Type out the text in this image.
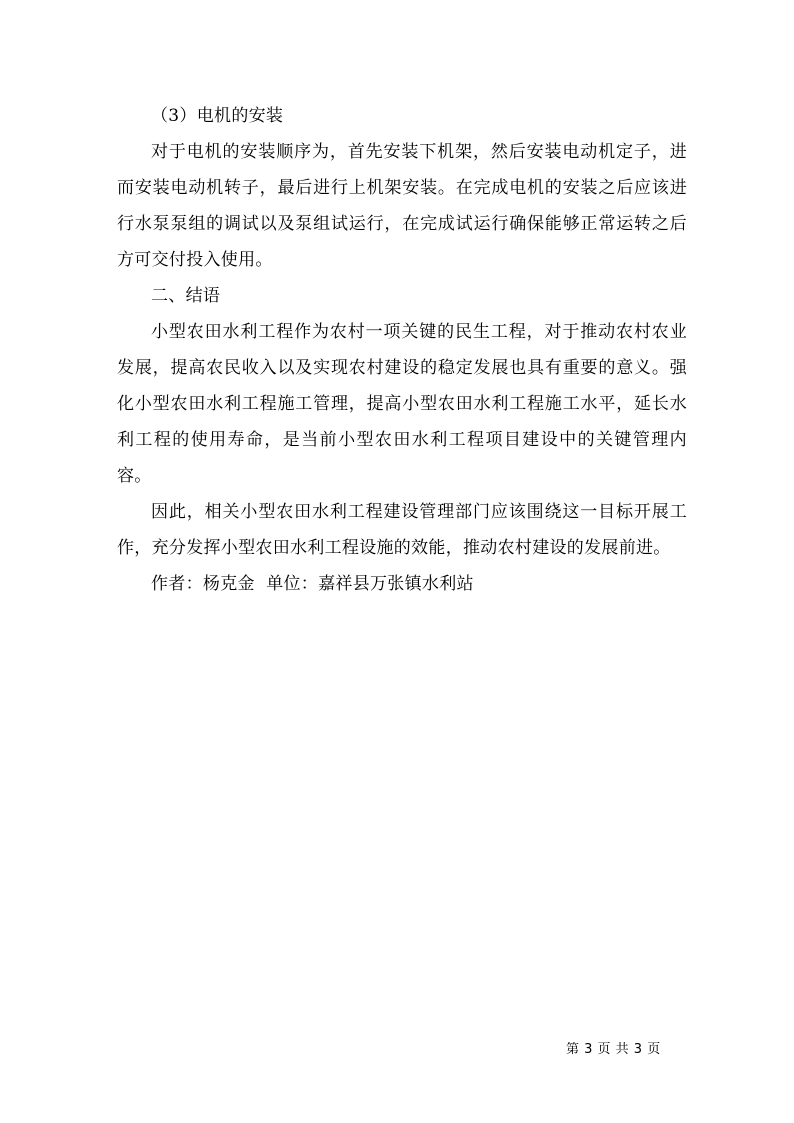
（3）电机的安装

对于电机的安装顺序为，首先安装下机架，然后安装电动机定子，进而安装电动机转子，最后进行上机架安装。在完成电机的安装之后应该进行水泵泵组的调试以及泵组试运行，在完成试运行确保能够正常运转之后方可交付投入使用。

二、结语

小型农田水利工程作为农村一项关键的民生工程，对于推动农村农业发展，提高农民收入以及实现农村建设的稳定发展也具有重要的意义。强化小型农田水利工程施工管理，提高小型农田水利工程施工水平，延长水利工程的使用寿命，是当前小型农田水利工程项目建设中的关键管理内容。

因此，相关小型农田水利工程建设管理部门应该围绕这一目标开展工作，充分发挥小型农田水利工程设施的效能，推动农村建设的发展前进。

作者：杨克金  单位：嘉祥县万张镇水利站

第 3 页 共 3 页
